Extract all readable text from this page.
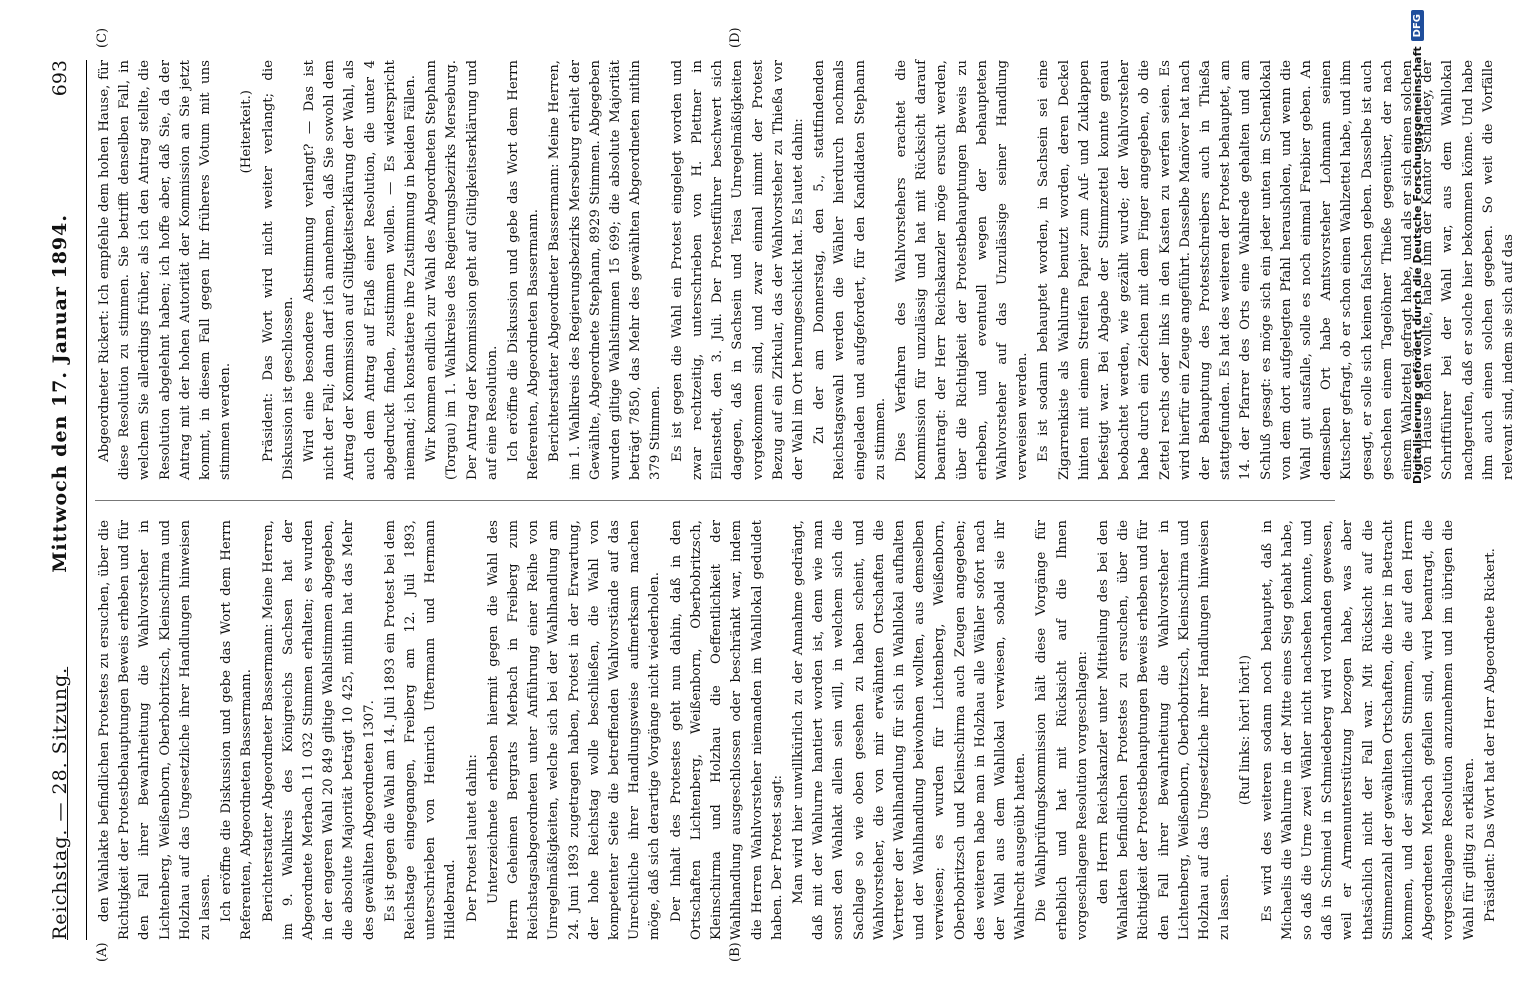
Reichstag. — 28. Sitzung.
Mittwoch den 17. Januar 1894.
693
(A)	(B)
(C)	(D)

den Wahlakte befindlichen Protestes zu ersuchen, über die Richtigkeit der Protestbehauptungen Beweis erheben und für den Fall ihrer Bewahrheitung die Wahlvorsteher in Lichtenberg, Weißenborn, Oberbobritzsch, Kleinschirma und Holzhau auf das Ungesetzliche ihrer Handlungen hinweisen zu lassen. Ich eröffne die Diskussion und gebe das Wort dem Herrn Referenten, Abgeordneten Bassermann. Berichterstatter Abgeordneter Bassermann: Meine Herren, im 9. Wahlkreis des Königreichs Sachsen hat der Abgeordnete Merbach 11 032 Stimmen erhalten; es wurden in der engeren Wahl 20 849 giltige Wahlstimmen abgegeben, die absolute Majorität beträgt 10 425, mithin hat das Mehr des gewählten Abgeordneten 1307. Es ist gegen die Wahl am 14. Juli 1893 ein Protest bei dem Reichstage eingegangen, Freiberg am 12. Juli 1893, unterschrieben von Heinrich Uftermann und Hermann Hildebrand. Der Protest lautet dahin: Unterzeichnete erheben hiermit gegen die Wahl des Herrn Geheimen Bergrats Merbach in Freiberg zum Reichstagsabgeordneten unter Anführung einer Reihe von Unregelmäßigkeiten, welche sich bei der Wahlhandlung am 24. Juni 1893 zugetragen haben, Protest in der Erwartung, der hohe Reichstag wolle beschließen, die Wahl von kompetenter Seite die betreffenden Wahlvorstände auf das Unrechtliche ihrer Handlungsweise aufmerksam machen möge, daß sich derartige Vorgänge nicht wiederholen. Der Inhalt des Protestes geht nun dahin, daß in den Ortschaften Lichtenberg, Weißenborn, Oberbobritzsch, Kleinschirma und Holzhau die Oeffentlichkeit der Wahlhandlung ausgeschlossen oder beschränkt war, indem die Herren Wahlvorsteher niemanden im Wahllokal geduldet haben. Der Protest sagt: Man wird hier unwillkürlich zu der Annahme gedrängt, daß mit der Wahlurne hantiert worden ist, denn wie man sonst den Wahlakt allein sein will, in welchem sich die Sachlage so wie oben gesehen zu haben scheint, und Wahlvorsteher, die von mir erwähnten Ortschaften die Vertreter der Wahlhandlung für sich in Wahllokal aufhalten und der Wahlhandlung beiwohnen wollten, aus demselben verwiesen; es wurden für Lichtenberg, Weißenborn, Oberbobritzsch und Kleinschirma auch Zeugen angegeben; des weiteren habe man in Holzhau alle Wähler sofort nach der Wahl aus dem Wahllokal verwiesen, sobald sie ihr Wahlrecht ausgeübt hatten. Die Wahlprüfungskommission hält diese Vorgänge für erheblich und hat mit Rücksicht auf die Ihnen vorgeschlagene Resolution vorgeschlagen: den Herrn Reichskanzler unter Mitteilung des bei den Wahlakten befindlichen Protestes zu ersuchen, über die Richtigkeit der Protestbehauptungen Beweis erheben und für den Fall ihrer Bewahrheitung die Wahlvorsteher in Lichtenberg, Weißenborn, Oberbobritzsch, Kleinschirma und Holzhau auf das Ungesetzliche ihrer Handlungen hinweisen zu lassen.

(Ruf links: hört! hört!) Es wird des weiteren sodann noch behauptet, daß in Michaelis die Wahlurne in der Mitte eines Sieg gehabt habe, so daß die Urne zwei Wähler nicht nachsehen konnte, und daß in Schmied in Schmiedeberg wird vorhanden gewesen, weil er Armenunterstützung bezogen habe, was aber thatsächlich nicht der Fall war. Mit Rücksicht auf die Stimmenzahl der gewählten Ortschaften, die hier in Betracht kommen, und der sämtlichen Stimmen, die auf den Herrn Abgeordneten Merbach gefallen sind, wird beantragt, die vorgeschlagene Resolution anzunehmen und im übrigen die Wahl für giltig zu erklären. Präsident: Das Wort hat der Herr Abgeordnete Rickert.

Abgeordneter Rickert: Ich empfehle dem hohen Hause, für diese Resolution zu stimmen. Sie betrifft denselben Fall, in welchem Sie allerdings früher, als ich den Antrag stellte, die Resolution abgelehnt haben; ich hoffe aber, daß Sie, da der Antrag mit der hohen Autorität der Kommission an Sie jetzt kommt, in diesem Fall gegen Ihr früheres Votum mit uns stimmen werden.

(Heiterkeit.) Präsident: Das Wort wird nicht weiter verlangt; die Diskussion ist geschlossen. Wird eine besondere Abstimmung verlangt? — Das ist nicht der Fall; dann darf ich annehmen, daß Sie sowohl dem Antrag der Kommission auf Giltigkeitserklärung der Wahl, als auch dem Antrag auf Erlaß einer Resolution, die unter 4 abgedruckt finden, zustimmen wollen. — Es widerspricht niemand; ich konstatiere ihre Zustimmung in beiden Fällen. Wir kommen endlich zur Wahl des Abgeordneten Stephann (Torgau) im 1. Wahlkreise des Regierungsbezirks Merseburg. Der Antrag der Kommission geht auf Giltigkeitserklärung und auf eine Resolution. Ich eröffne die Diskussion und gebe das Wort dem Herrn Referenten, Abgeordneten Bassermann. Berichterstatter Abgeordneter Bassermann: Meine Herren, im 1. Wahlkreis des Regierungsbezirks Merseburg erhielt der Gewählte, Abgeordnete Stephann, 8929 Stimmen. Abgegeben wurden giltige Wahlstimmen 15 699; die absolute Majorität beträgt 7850, das Mehr des gewählten Abgeordneten mithin 379 Stimmen. Es ist gegen die Wahl ein Protest eingelegt worden und zwar rechtzeitig, unterschrieben von H. Plettner in Eilenstedt, den 3. Juli. Der Protestführer beschwert sich dagegen, daß in Sachsein und Teisa Unregelmäßigkeiten vorgekommen sind, und zwar einmal nimmt der Protest Bezug auf ein Zirkular, das der Wahlvorsteher zu Thießa vor der Wahl im Ort herumgeschickt hat. Es lautet dahin: Zu der am Donnerstag, den 5., stattfindenden Reichstagswahl werden die Wähler hierdurch nochmals eingeladen und aufgefordert, für den Kandidaten Stephann zu stimmen. Dies Verfahren des Wahlvorstehers erachtet die Kommission für unzulässig und hat mit Rücksicht darauf beantragt: der Herr Reichskanzler möge ersucht werden, über die Richtigkeit der Protestbehauptungen Beweis zu erheben, und eventuell wegen der behaupteten Wahlvorsteher auf das Unzulässige seiner Handlung verweisen werden. Es ist sodann behauptet worden, in Sachsein sei eine Zigarrenkiste als Wahlurne benutzt worden, deren Deckel hinten mit einem Streifen Papier zum Auf- und Zuklappen befestigt war. Bei Abgabe der Stimmzettel konnte genau beobachtet werden, wie gezählt wurde; der Wahlvorsteher habe durch ein Zeichen mit dem Finger angegeben, ob die Zettel rechts oder links in den Kasten zu werfen seien. Es wird hierfür ein Zeuge angeführt. Dasselbe Manöver hat nach der Behauptung des Protestschreibers auch in Thießa stattgefunden. Es hat des weiteren der Protest behauptet, am 14. der Pfarrer des Orts eine Wahlrede gehalten und am Schluß gesagt: es möge sich ein jeder unten im Schenklokal von dem dort aufgelegten Pfahl herausholen, und wenn die Wahl gut ausfalle, solle es noch einmal Freibier geben. An demselben Ort habe Amtsvorsteher Lohmann seinen Kutscher gefragt, ob er schon einen Wahlzettel habe, und ihm gesagt, er solle sich keinen falschen geben. Dasselbe ist auch geschehen einem Tagelöhner Thieße gegenüber, der nach einem Wahlzettel gefragt habe, und als er sich einen solchen von Hause holen wollte, habe ihm der Kantor Schladey, der Schriftführer bei der Wahl war, aus dem Wahllokal nachgerufen, daß er solche hier bekommen könne. Und habe ihm auch einen solchen gegeben. So weit die Vorfälle relevant sind, indem sie sich auf das

Digitalisierung gefördert durch die Deutsche Forschungsgemeinschaft
DFG
